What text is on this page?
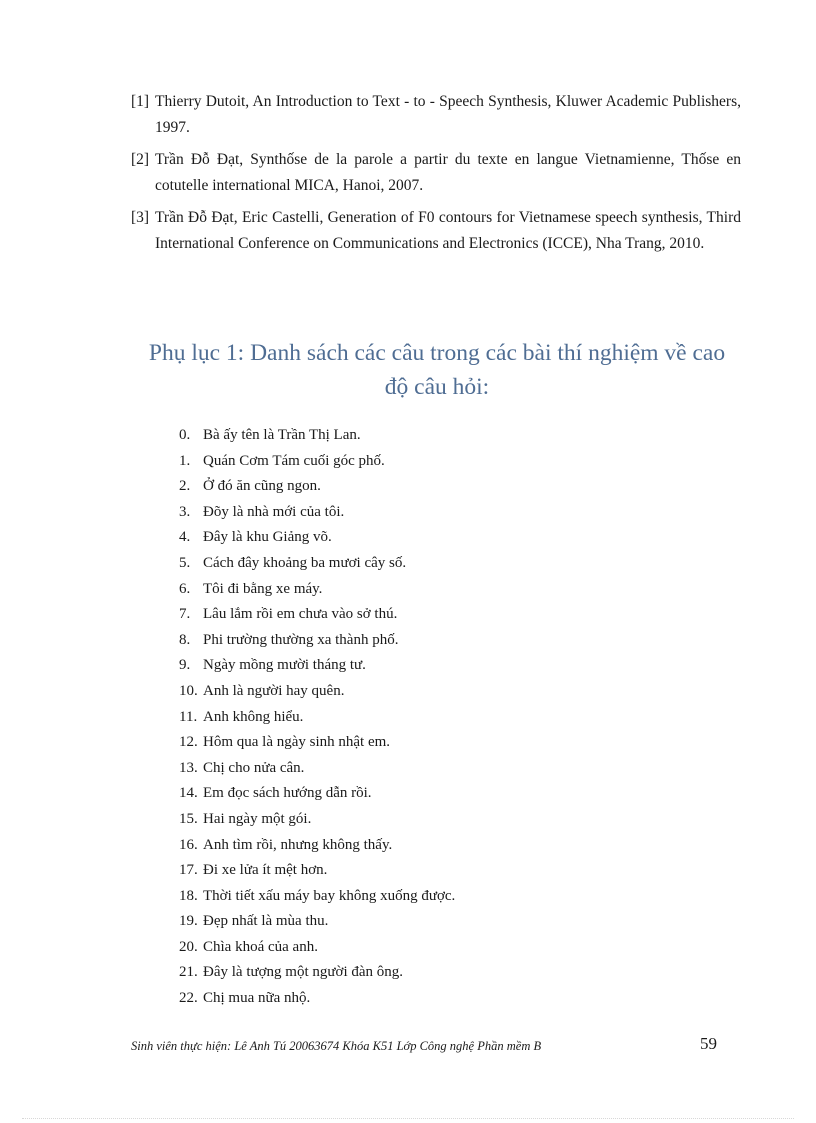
[1] Thierry Dutoit, An Introduction to Text - to - Speech Synthesis, Kluwer Academic Publishers, 1997.
[2] Trần Đỗ Đạt, Synthốse de la parole a partir du texte en langue Vietnamienne, Thốse en cotutelle international MICA, Hanoi, 2007.
[3] Trần Đỗ Đạt, Eric Castelli, Generation of F0 contours for Vietnamese speech synthesis, Third International Conference on Communications and Electronics (ICCE), Nha Trang, 2010.
Phụ lục 1: Danh sách các câu trong các bài thí nghiệm về cao
độ câu hỏi:
0. Bà ấy tên là Trần Thị Lan.
1. Quán Cơm Tám cuối góc phố.
2. Ở đó ăn cũng ngon.
3. Đõy là nhà mới của tôi.
4. Đây là khu Giảng võ.
5. Cách đây khoảng ba mươi cây số.
6. Tôi đi bằng xe máy.
7. Lâu lắm rồi em chưa vào sở thú.
8. Phi trường thường xa thành phố.
9. Ngày mồng mười tháng tư.
10. Anh là người hay quên.
11. Anh không hiểu.
12. Hôm qua là ngày sinh nhật em.
13. Chị cho nửa cân.
14. Em đọc sách hướng dẫn rồi.
15. Hai ngày một gói.
16. Anh tìm rồi, nhưng không thấy.
17. Đi xe lửa ít mệt hơn.
18. Thời tiết xấu máy bay không xuống được.
19. Đẹp nhất là mùa thu.
20. Chìa khoá của anh.
21. Đây là tượng một người đàn ông.
22. Chị mua nữa nhộ.
Sinh viên thực hiện: Lê Anh Tú 20063674 Khóa K51 Lớp Công nghệ Phần mềm B	59
